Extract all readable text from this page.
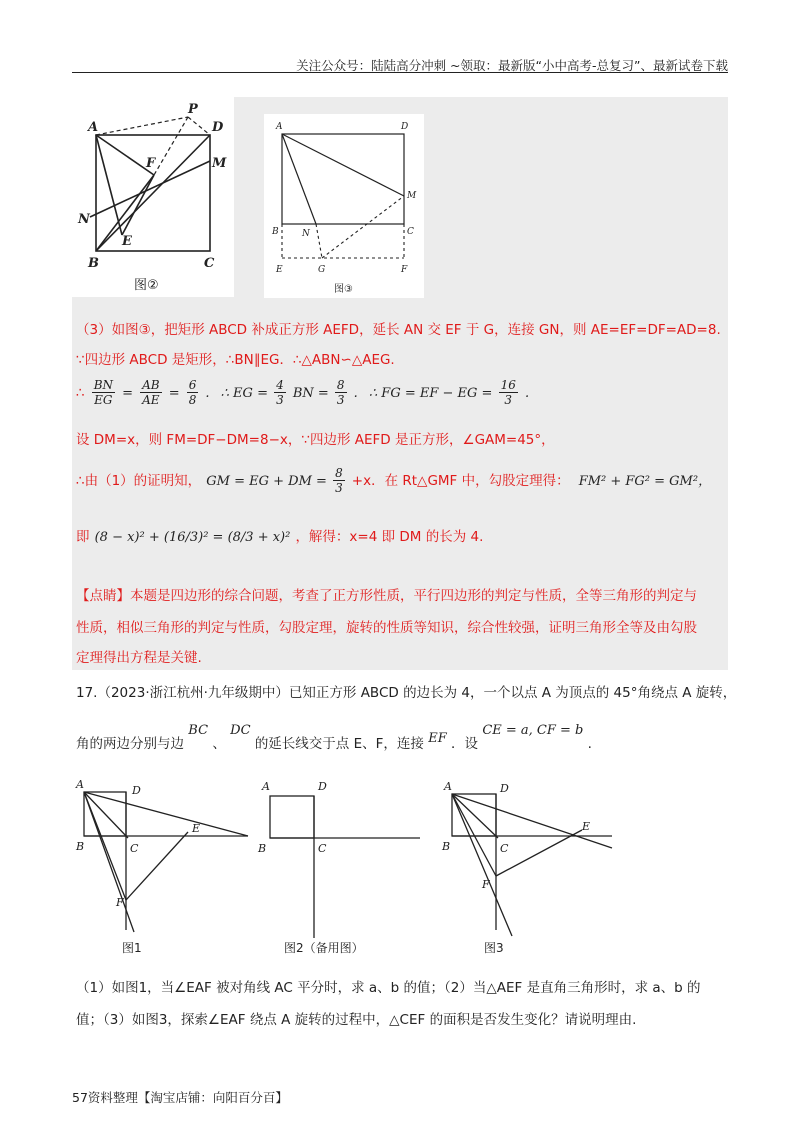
关注公众号：陆陆高分冲刺 ~领取：最新版“小中高考-总复习”、最新试卷下载
A	D
P
F	M
N
E
B	C
图②
A	D
M
B	N	C
E	G	F
图③
（3）如图③，把矩形 ABCD 补成正方形 AEFD，延长 AN 交 EF 于 G，连接 GN，则 AE=EF=DF=AD=8.
∵四边形 ABCD 是矩形，∴BN∥EG．∴△ABN∽△AEG.
∴ $\frac{BN}{EG} = \frac{AB}{AE} = \frac{6}{8}$ . ∴ EG = $\frac{4}{3}$ BN = $\frac{8}{3}$ . ∴ FG = EF − EG = $\frac{16}{3}$ .
设 DM=x，则 FM=DF−DM=8−x，∵四边形 AEFD 是正方形，∠GAM=45°，
∴由（1）的证明知， GM = EG + DM = $\frac{8}{3} +x$．在 Rt△GMF 中，勾股定理得： FM² + FG² = GM²，
即 (8 − x)² + (16/3)² = (8/3 + x)² ，解得：x=4 即 DM 的长为 4.
【点睛】本题是四边形的综合问题，考查了正方形性质，平行四边形的判定与性质，全等三角形的判定与
性质，相似三角形的判定与性质，勾股定理，旋转的性质等知识，综合性较强，证明三角形全等及由勾股
定理得出方程是关键.
17.（2023·浙江杭州·九年级期中）已知正方形 ABCD 的边长为 4，一个以点 A 为顶点的 45°角绕点 A 旋转，
角的两边分别与边 BC 、 DC 的延长线交于点 E、F，连接 EF ．设 CE = a, CF = b .
A	D
B	C
E
F
图1
A	D
B	C
图2（备用图）
A	D
B	C
E
F
图3
（1）如图1，当∠EAF 被对角线 AC 平分时，求 a、b 的值；（2）当△AEF 是直角三角形时，求 a、b 的
值；（3）如图3，探索∠EAF 绕点 A 旋转的过程中，△CEF 的面积是否发生变化？请说明理由.
57资料整理【淘宝店铺：向阳百分百】
